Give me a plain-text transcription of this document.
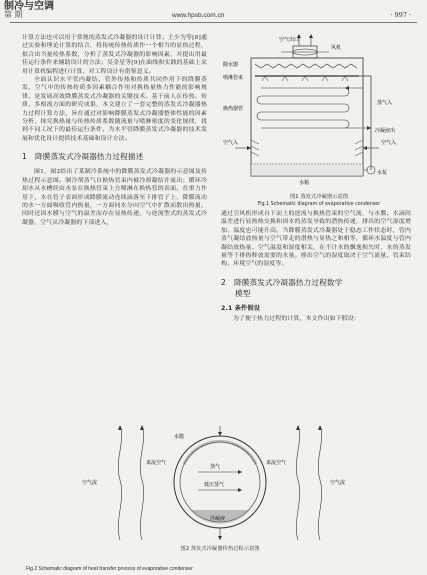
制冷与空调
第 期	www.hpsb.com.cn	· 997 ·

计算方法也可以用于常规的蒸发式冷凝器的设计计算；王少为等[8]通过实验和理论计算的结合，将传统传热传质作一个相当的显热过程，拟合出当量传热系数，分析了蒸发式冷凝器的影响因素，并提出用最佳运行条件来辅助设计的方法；吴金星等[9]在曲线和实践的基础上采用计算机编程进行计算，对工程设计有借鉴意义。

全面认识水平管内凝结、管外传热和传质共同作用下的降膜蒸发、空气中的传热传质多因素耦合作用对换热量热力性能的影响规律，是发展高效降膜蒸发式冷凝器的关键技术。基于前人在传热、传质、多相流方面的研究成果，本文建立了一套完整的蒸发式冷凝器热力过程计算方法，旨在通过对影响降膜蒸发式冷凝器整体性能的因素分析，探究换热量与传热传质系数随流量与喷淋密度的变化规律，找到不同工况下的最佳运行条件，为水平管降膜蒸发式冷凝器的技术发展和优化设计提供技术基础和设计方法。

1 降膜蒸发式冷凝器热力过程描述

图1、图2给出了某制冷系统中的降膜蒸发式冷凝器的示意图及传热过程示意图。制冷剂蒸气自换热管束内被冷却凝结并流出；循环冷却水从水槽经由水泵在换热管束上方喷淋在换热管的表面，在重力作用下，水在管子表面形成降膜流动连续滴落至下排管子上，降膜流动的水一方面吸收管内热量，一方面同水分向空气中扩散而散出热量，同时还因水膜与空气的温差而存在显热传递。与逆流型式的蒸发式冷凝器，空气从冷凝器的下部进入，

空气出口
风机
除水器
喷淋管束
换热器管
蒸气入
冷凝液出
空气入	空气入
水泵
水箱
图1 蒸发式冷凝器示意图
Fig.1 Schematic diagram of evaporative condenser

通过引风机形成自下而上的逆流与换热管束的空气流，与水膜、水滴间温差进行显热热交换和因水的蒸发导致的潜热传递，排出的空气湿度增加、温度也可能升高。当降膜蒸发式冷凝器处于稳态工作状态时，管内蒸气凝结放热量与空气带走的潜热与显热之和相等，循环水温度与管内凝结放热量、空气温度和湿度相关，在不计水的飘逸损失时，水的蒸发量等于排热释放需要的水量。排出空气的湿度取决于空气流量、管束结构、环境空气的湿度等。

2 降膜蒸发式冷凝器热力过程数学
模型
2.1 条件假设

为了便于热力过程的计算，本文作出如下假设：

水膜
蒸气
低压蒸气
冷凝液
空气流	空气流
来流空气	来流空气
图2 蒸发式冷凝器传热过程示意图
Fig.2 Schematic diagram of heat transfer process of evaporative condenser
